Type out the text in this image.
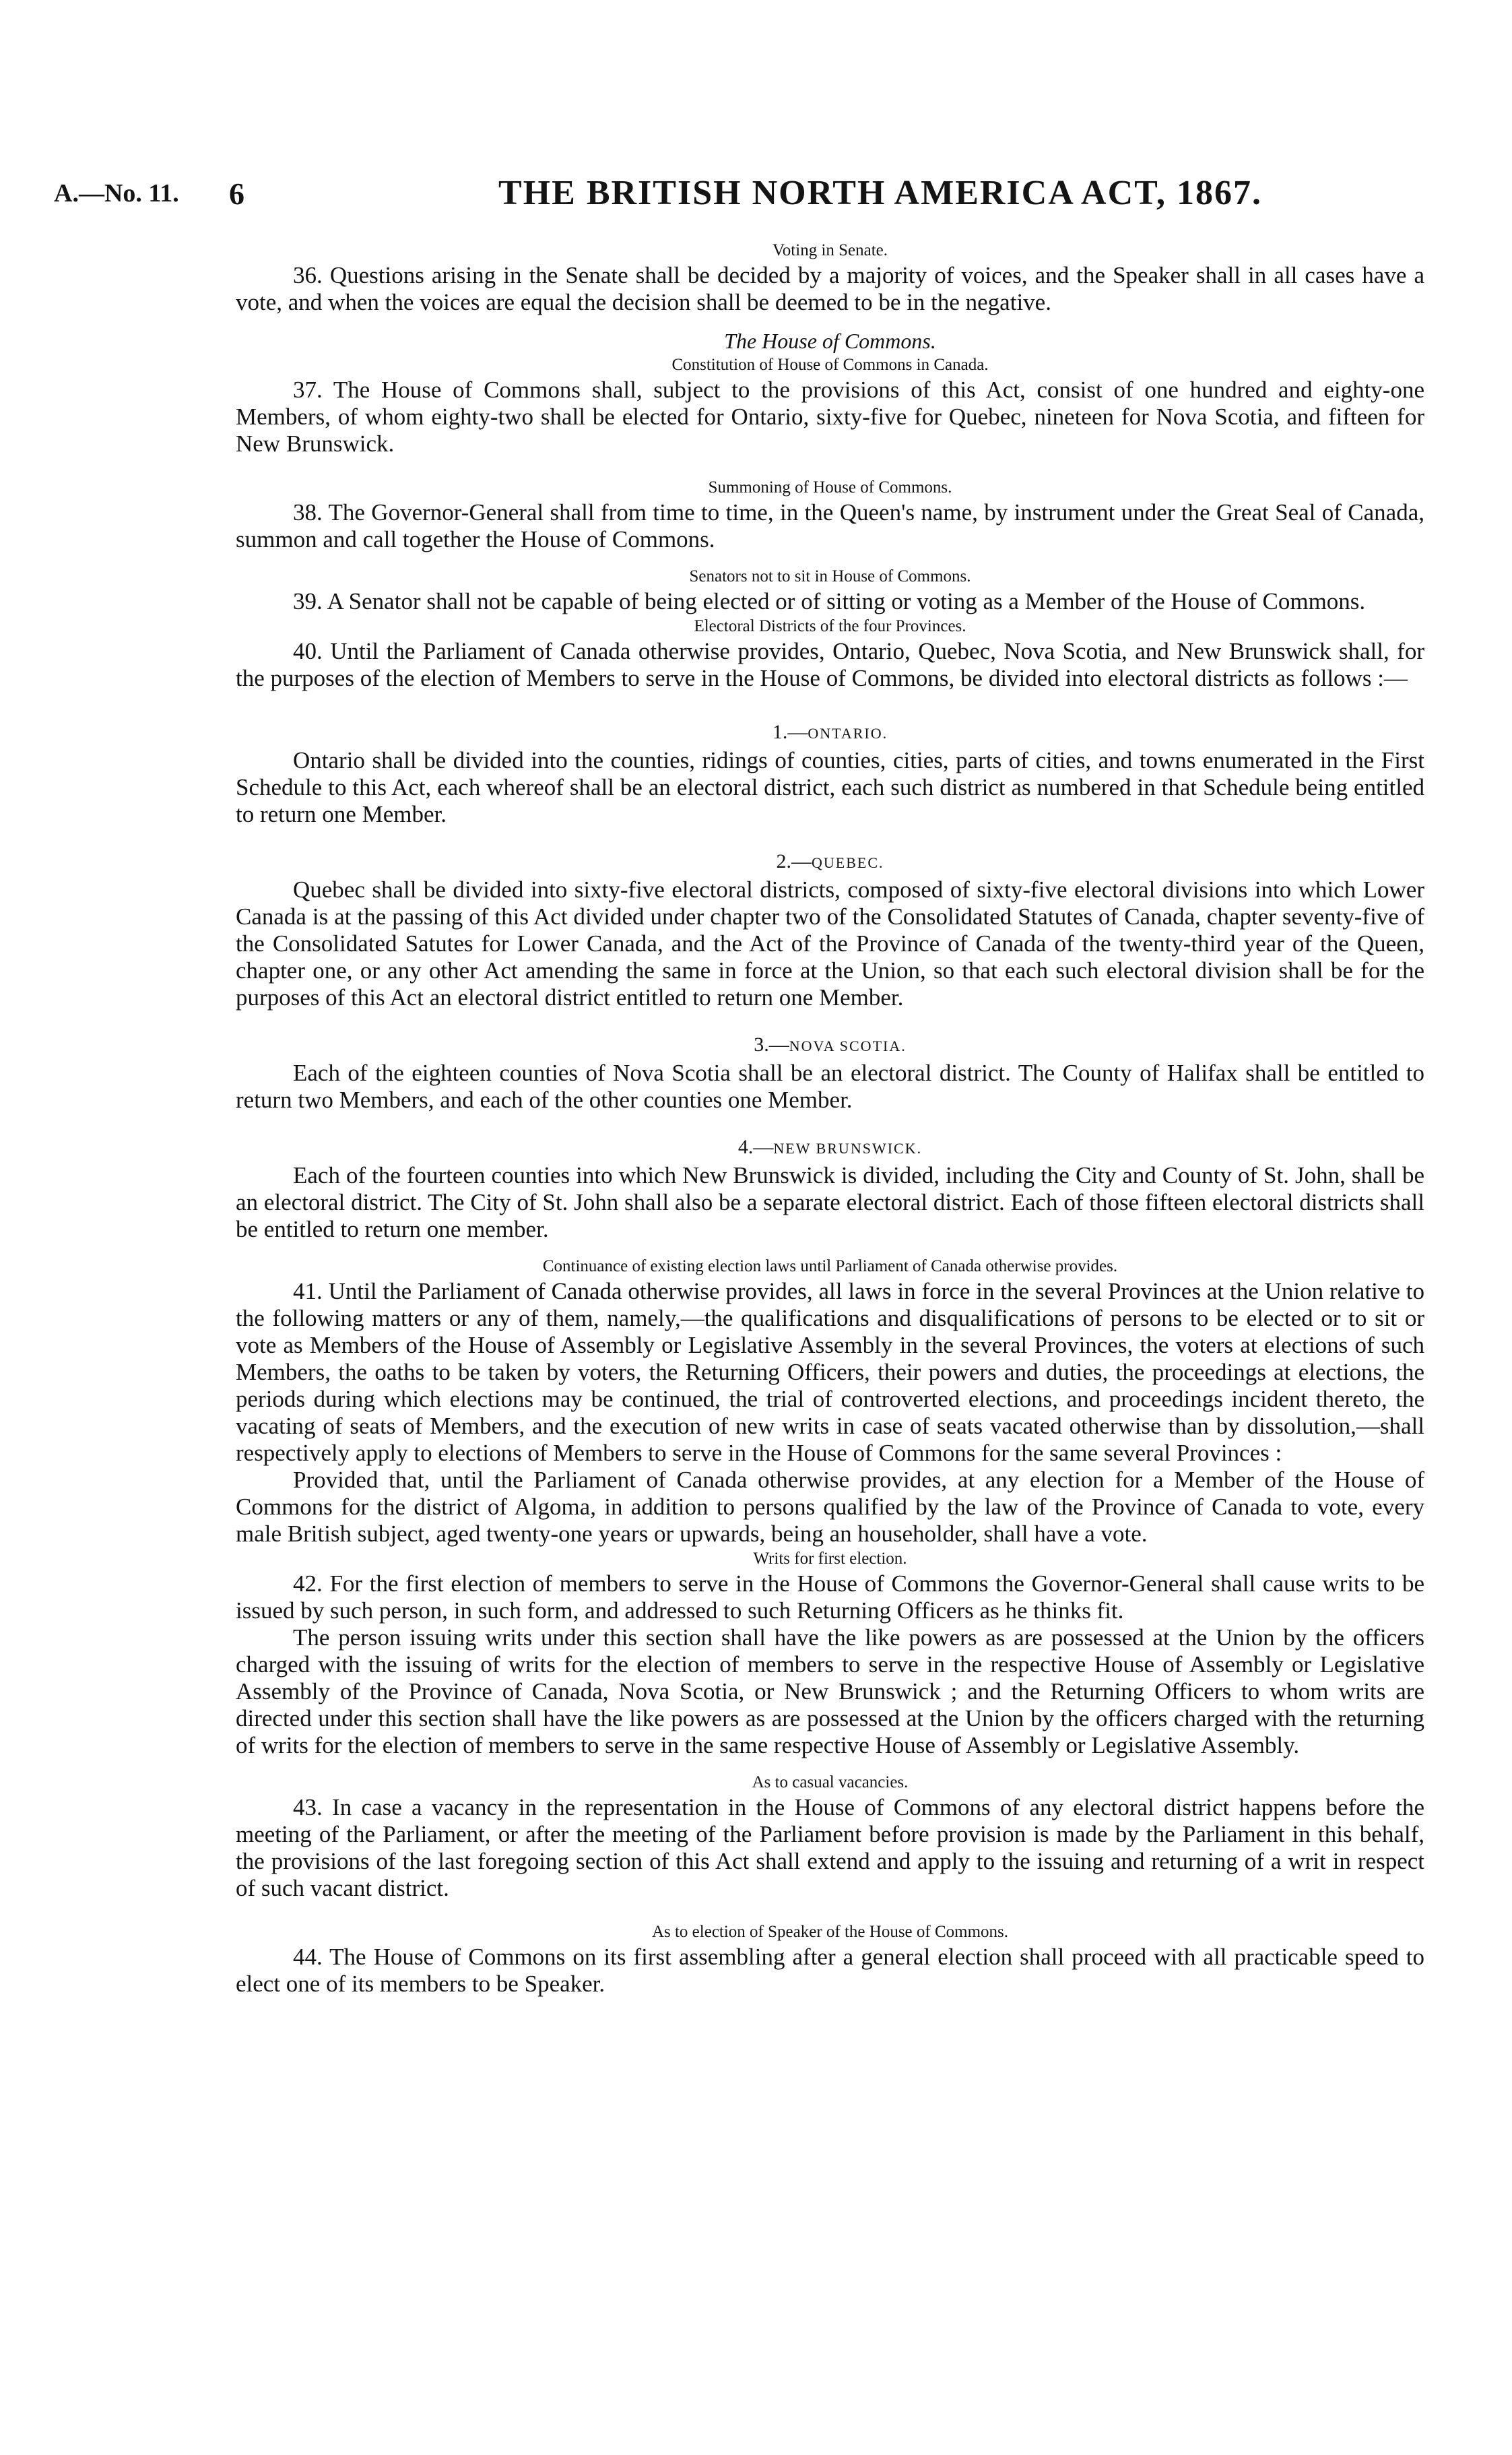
A.—No. 11. 6	THE BRITISH NORTH AMERICA ACT, 1867.

Voting in Senate.

36. Questions arising in the Senate shall be decided by a majority of voices, and the Speaker shall in all cases have a vote, and when the voices are equal the decision shall be deemed to be in the negative.

The House of Commons.

Constitution of House of Commons in Canada.

37. The House of Commons shall, subject to the provisions of this Act, consist of one hundred and eighty-one Members, of whom eighty-two shall be elected for Ontario, sixty-five for Quebec, nineteen for Nova Scotia, and fifteen for New Brunswick.

Summoning of House of Commons.

38. The Governor-General shall from time to time, in the Queen's name, by instrument under the Great Seal of Canada, summon and call together the House of Commons.

Senators not to sit in House of Commons.

39. A Senator shall not be capable of being elected or of sitting or voting as a Member of the House of Commons.

Electoral Districts of the four Provinces.

40. Until the Parliament of Canada otherwise provides, Ontario, Quebec, Nova Scotia, and New Brunswick shall, for the purposes of the election of Members to serve in the House of Commons, be divided into electoral districts as follows :—

1.—ONTARIO.

Ontario shall be divided into the counties, ridings of counties, cities, parts of cities, and towns enumerated in the First Schedule to this Act, each whereof shall be an electoral district, each such district as numbered in that Schedule being entitled to return one Member.

2.—QUEBEC.

Quebec shall be divided into sixty-five electoral districts, composed of sixty-five electoral divisions into which Lower Canada is at the passing of this Act divided under chapter two of the Consolidated Statutes of Canada, chapter seventy-five of the Consolidated Satutes for Lower Canada, and the Act of the Province of Canada of the twenty-third year of the Queen, chapter one, or any other Act amending the same in force at the Union, so that each such electoral division shall be for the purposes of this Act an electoral district entitled to return one Member.

3.—NOVA SCOTIA.

Each of the eighteen counties of Nova Scotia shall be an electoral district. The County of Halifax shall be entitled to return two Members, and each of the other counties one Member.

4.—NEW BRUNSWICK.

Each of the fourteen counties into which New Brunswick is divided, including the City and County of St. John, shall be an electoral district. The City of St. John shall also be a separate electoral district. Each of those fifteen electoral districts shall be entitled to return one member.

Continuance of existing election laws until Parliament of Canada otherwise provides.

41. Until the Parliament of Canada otherwise provides, all laws in force in the several Provinces at the Union relative to the following matters or any of them, namely,—the qualifications and disqualifications of persons to be elected or to sit or vote as Members of the House of Assembly or Legislative Assembly in the several Provinces, the voters at elections of such Members, the oaths to be taken by voters, the Returning Officers, their powers and duties, the proceedings at elections, the periods during which elections may be continued, the trial of controverted elections, and proceedings incident thereto, the vacating of seats of Members, and the execution of new writs in case of seats vacated otherwise than by dissolution,—shall respectively apply to elections of Members to serve in the House of Commons for the same several Provinces :

Provided that, until the Parliament of Canada otherwise provides, at any election for a Member of the House of Commons for the district of Algoma, in addition to persons qualified by the law of the Province of Canada to vote, every male British subject, aged twenty-one years or upwards, being an householder, shall have a vote.

Writs for first election.

42. For the first election of members to serve in the House of Commons the Governor-General shall cause writs to be issued by such person, in such form, and addressed to such Returning Officers as he thinks fit.

The person issuing writs under this section shall have the like powers as are possessed at the Union by the officers charged with the issuing of writs for the election of members to serve in the respective House of Assembly or Legislative Assembly of the Province of Canada, Nova Scotia, or New Brunswick ; and the Returning Officers to whom writs are directed under this section shall have the like powers as are possessed at the Union by the officers charged with the returning of writs for the election of members to serve in the same respective House of Assembly or Legislative Assembly.

As to casual vacancies.

43. In case a vacancy in the representation in the House of Commons of any electoral district happens before the meeting of the Parliament, or after the meeting of the Parliament before provision is made by the Parliament in this behalf, the provisions of the last foregoing section of this Act shall extend and apply to the issuing and returning of a writ in respect of such vacant district.

As to election of Speaker of the House of Commons.

44. The House of Commons on its first assembling after a general election shall proceed with all practicable speed to elect one of its members to be Speaker.
